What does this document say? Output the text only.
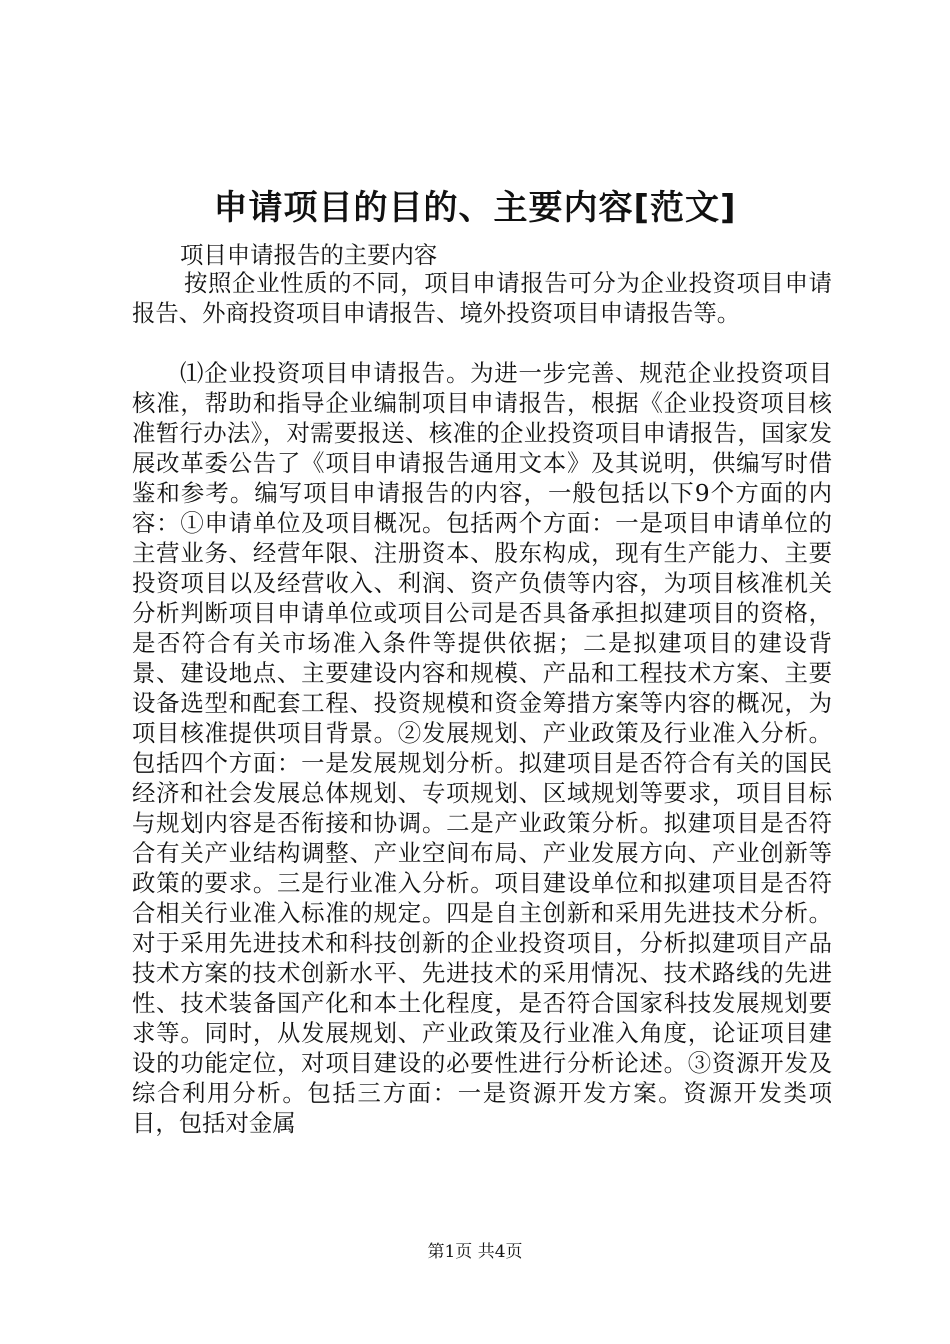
申请项目的目的、主要内容[范文]

项目申请报告的主要内容

按照企业性质的不同，项目申请报告可分为企业投资项目申请报告、外商投资项目申请报告、境外投资项目申请报告等。

⑴企业投资项目申请报告。为进一步完善、规范企业投资项目核准，帮助和指导企业编制项目申请报告，根据《企业投资项目核准暂行办法》，对需要报送、核准的企业投资项目申请报告，国家发展改革委公告了《项目申请报告通用文本》及其说明，供编写时借鉴和参考。编写项目申请报告的内容，一般包括以下9个方面的内容：①申请单位及项目概况。包括两个方面：一是项目申请单位的主营业务、经营年限、注册资本、股东构成，现有生产能力、主要投资项目以及经营收入、利润、资产负债等内容，为项目核准机关分析判断项目申请单位或项目公司是否具备承担拟建项目的资格，是否符合有关市场准入条件等提供依据；二是拟建项目的建设背景、建设地点、主要建设内容和规模、产品和工程技术方案、主要设备选型和配套工程、投资规模和资金筹措方案等内容的概况，为项目核准提供项目背景。②发展规划、产业政策及行业准入分析。包括四个方面：一是发展规划分析。拟建项目是否符合有关的国民经济和社会发展总体规划、专项规划、区域规划等要求，项目目标与规划内容是否衔接和协调。二是产业政策分析。拟建项目是否符合有关产业结构调整、产业空间布局、产业发展方向、产业创新等政策的要求。三是行业准入分析。项目建设单位和拟建项目是否符合相关行业准入标准的规定。四是自主创新和采用先进技术分析。对于采用先进技术和科技创新的企业投资项目，分析拟建项目产品技术方案的技术创新水平、先进技术的采用情况、技术路线的先进性、技术装备国产化和本土化程度，是否符合国家科技发展规划要求等。同时，从发展规划、产业政策及行业准入角度，论证项目建设的功能定位，对项目建设的必要性进行分析论述。③资源开发及综合利用分析。包括三方面：一是资源开发方案。资源开发类项目，包括对金属

第1页 共4页
